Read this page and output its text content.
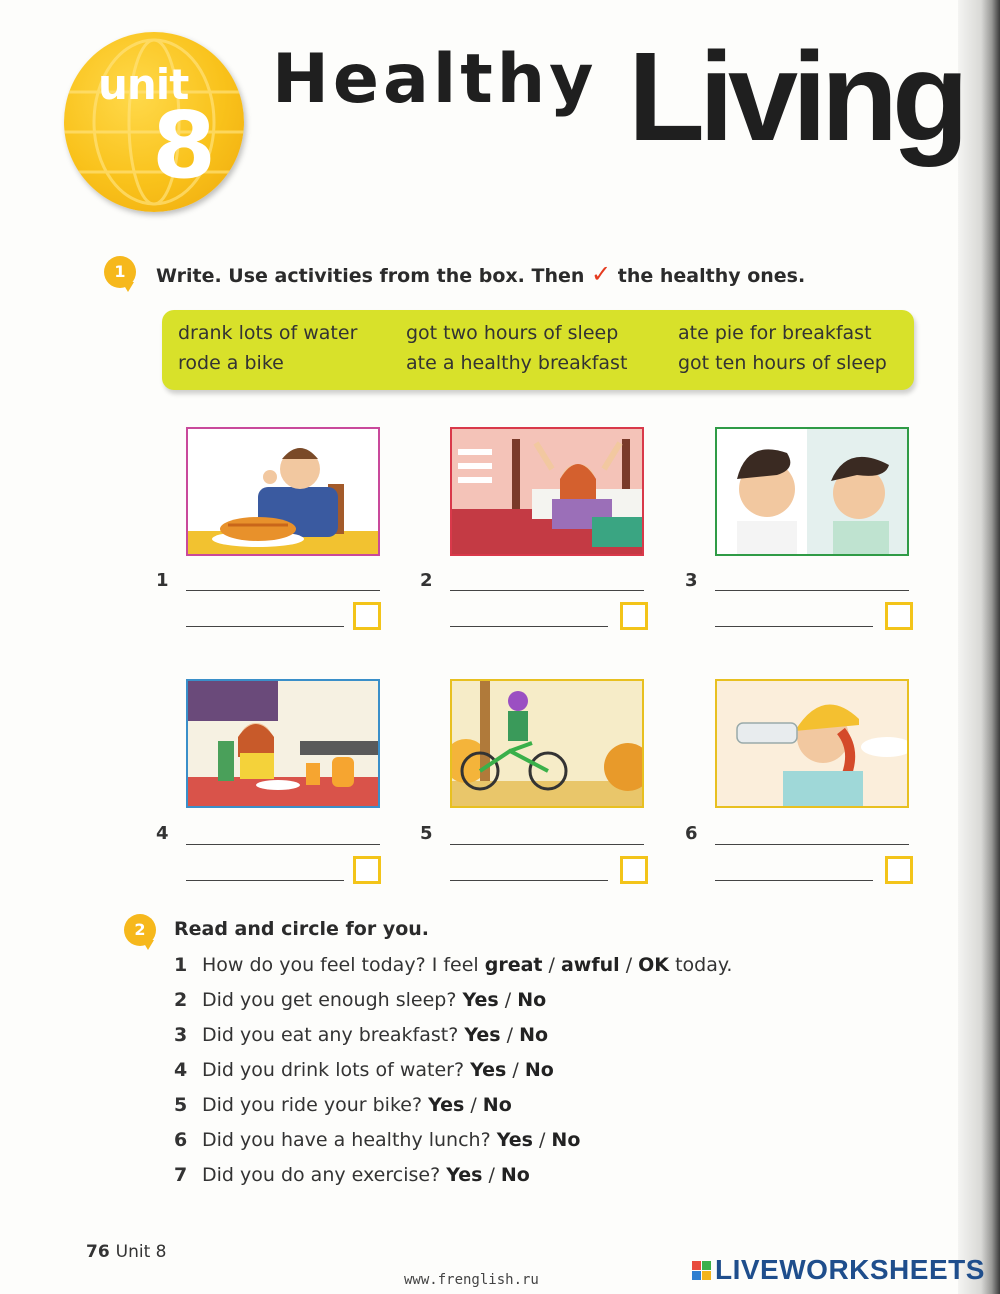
unit
8
Healthy Living
1	Write. Use activities from the box. Then ✓ the healthy ones.
drank lots of water	got two hours of sleep	ate pie for breakfast
rode a bike	ate a healthy breakfast	got ten hours of sleep
1	2	3
4	5	6
2	Read and circle for you.
1 How do you feel today? I feel great / awful / OK today.
2 Did you get enough sleep? Yes / No
3 Did you eat any breakfast? Yes / No
4 Did you drink lots of water? Yes / No
5 Did you ride your bike? Yes / No
6 Did you have a healthy lunch? Yes / No
7 Did you do any exercise? Yes / No
76 Unit 8
www.frenglish.ru	LIVEWORKSHEETS
